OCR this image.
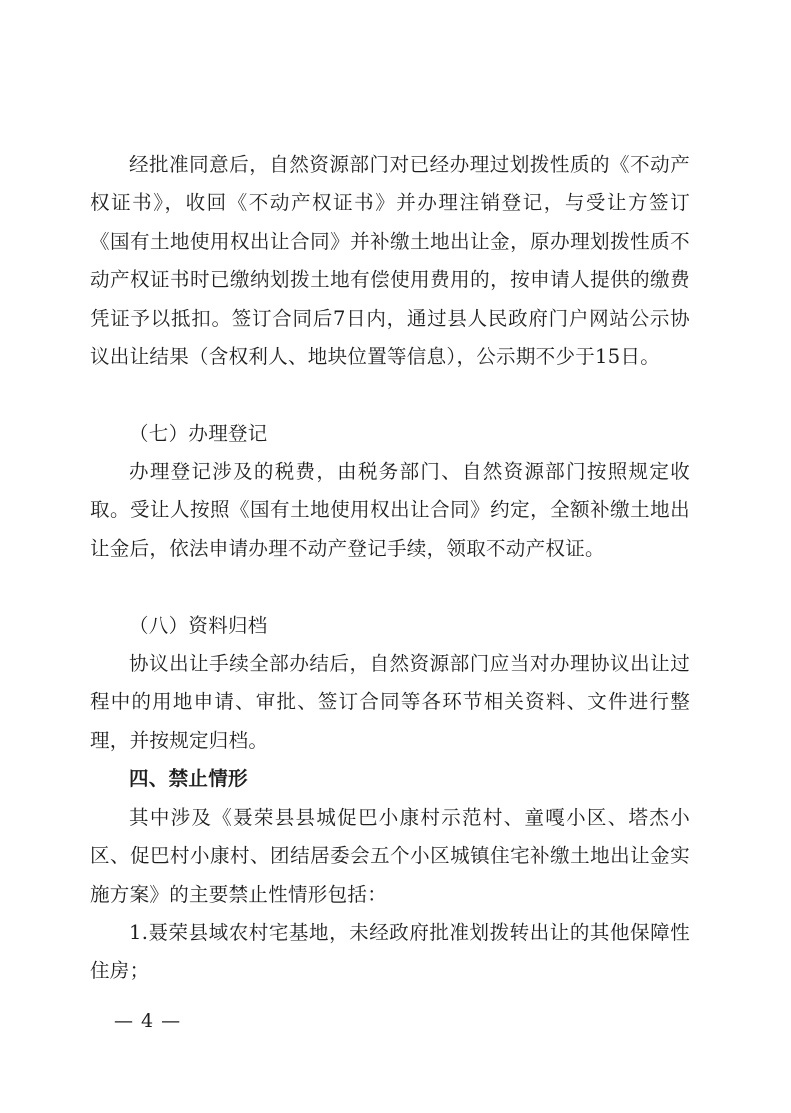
经批准同意后，自然资源部门对已经办理过划拨性质的《不动产权证书》，收回《不动产权证书》并办理注销登记，与受让方签订《国有土地使用权出让合同》并补缴土地出让金，原办理划拨性质不动产权证书时已缴纳划拨土地有偿使用费用的，按申请人提供的缴费凭证予以抵扣。签订合同后7日内，通过县人民政府门户网站公示协议出让结果（含权利人、地块位置等信息），公示期不少于15日。

（七）办理登记

办理登记涉及的税费，由税务部门、自然资源部门按照规定收取。受让人按照《国有土地使用权出让合同》约定，全额补缴土地出让金后，依法申请办理不动产登记手续，领取不动产权证。

（八）资料归档

协议出让手续全部办结后，自然资源部门应当对办理协议出让过程中的用地申请、审批、签订合同等各环节相关资料、文件进行整理，并按规定归档。

四、禁止情形

其中涉及《聂荣县县城促巴小康村示范村、童嘎小区、塔杰小区、促巴村小康村、团结居委会五个小区城镇住宅补缴土地出让金实施方案》的主要禁止性情形包括：

1.聂荣县域农村宅基地，未经政府批准划拨转出让的其他保障性住房；

— 4 —
